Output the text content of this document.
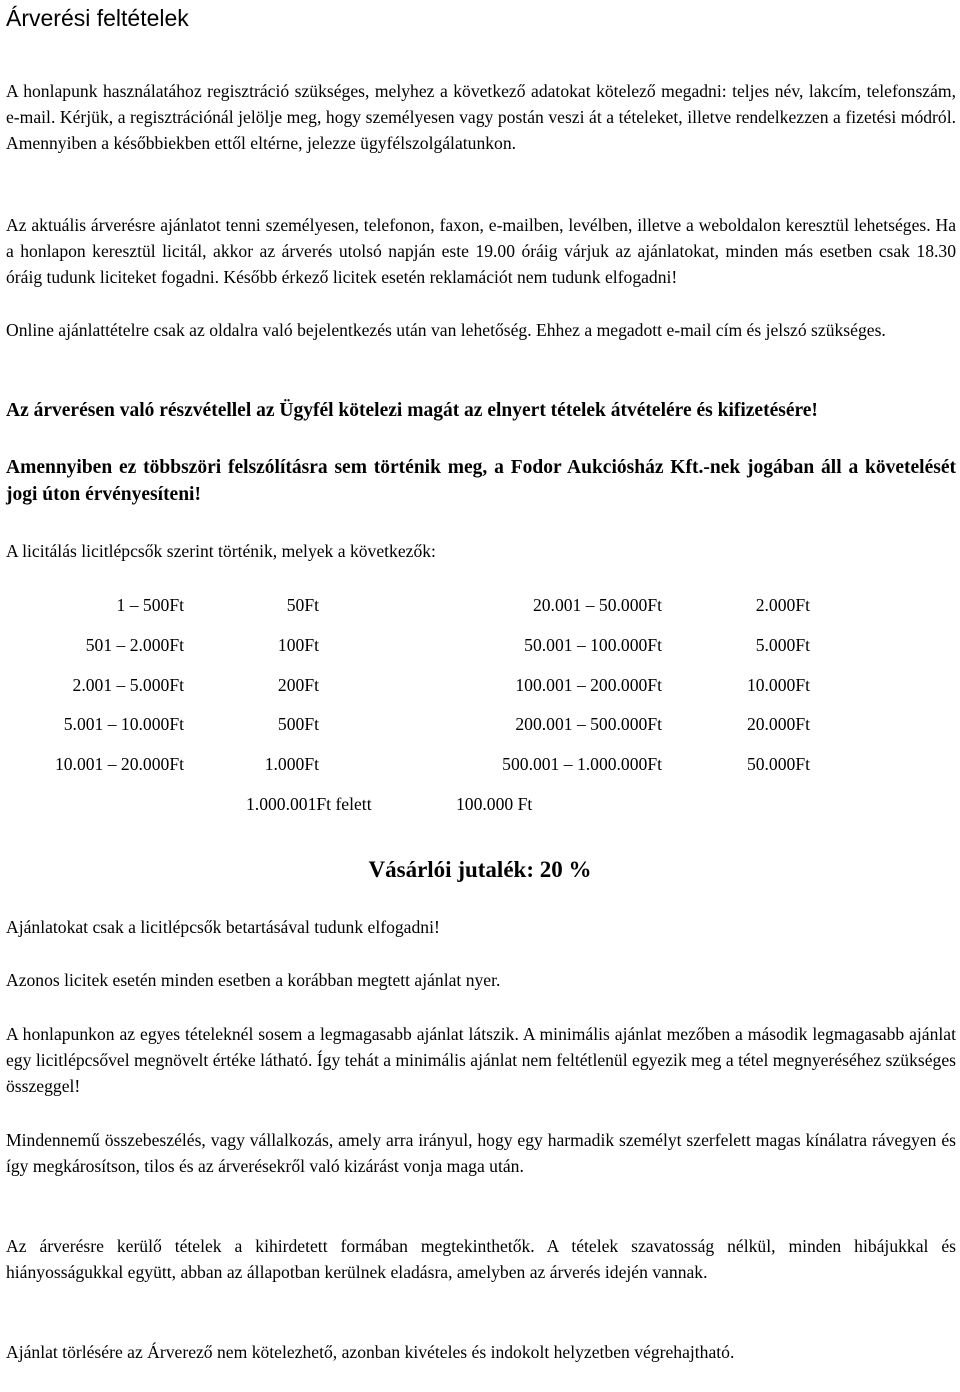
Árverési feltételek

A honlapunk használatához regisztráció szükséges, melyhez a következő adatokat kötelező megadni: teljes név, lakcím, telefonszám, e-mail. Kérjük, a regisztrációnál jelölje meg, hogy személyesen vagy postán veszi át a tételeket, illetve rendelkezzen a fizetési módról. Amennyiben a későbbiekben ettől eltérne, jelezze ügyfélszolgálatunkon.

Az aktuális árverésre ajánlatot tenni személyesen, telefonon, faxon, e-mailben, levélben, illetve a weboldalon keresztül lehetséges. Ha a honlapon keresztül licitál, akkor az árverés utolsó napján este 19.00 óráig várjuk az ajánlatokat, minden más esetben csak 18.30 óráig tudunk liciteket fogadni. Később érkező licitek esetén reklamációt nem tudunk elfogadni!

Online ajánlattételre csak az oldalra való bejelentkezés után van lehetőség. Ehhez a megadott e-mail cím és jelszó szükséges.

Az árverésen való részvétellel az Ügyfél kötelezi magát az elnyert tételek átvételére és kifizetésére!

Amennyiben ez többszöri felszólításra sem történik meg, a Fodor Aukciósház Kft.-nek jogában áll a követelését jogi úton érvényesíteni!

A licitálás licitlépcsők szerint történik, melyek a következők:

1 – 500Ft	50Ft	20.001 – 50.000Ft	2.000Ft
501 – 2.000Ft	100Ft	50.001 – 100.000Ft	5.000Ft
2.001 – 5.000Ft	200Ft	100.001 – 200.000Ft	10.000Ft
5.001 – 10.000Ft	500Ft	200.001 – 500.000Ft	20.000Ft
10.001 – 20.000Ft	1.000Ft	500.001 – 1.000.000Ft	50.000Ft
1.000.001Ft felett	100.000 Ft

Vásárlói jutalék: 20 %

Ajánlatokat csak a licitlépcsők betartásával tudunk elfogadni!

Azonos licitek esetén minden esetben a korábban megtett ajánlat nyer.

A honlapunkon az egyes tételeknél sosem a legmagasabb ajánlat látszik. A minimális ajánlat mezőben a második legmagasabb ajánlat egy licitlépcsővel megnövelt értéke látható. Így tehát a minimális ajánlat nem feltétlenül egyezik meg a tétel megnyeréséhez szükséges összeggel!

Mindennemű összebeszélés, vagy vállalkozás, amely arra irányul, hogy egy harmadik személyt szerfelett magas kínálatra rávegyen és így megkárosítson, tilos és az árverésekről való kizárást vonja maga után.

Az árverésre kerülő tételek a kihirdetett formában megtekinthetők. A tételek szavatosság nélkül, minden hibájukkal és hiányosságukkal együtt, abban az állapotban kerülnek eladásra, amelyben az árverés idején vannak.

Ajánlat törlésére az Árverező nem kötelezhető, azonban kivételes és indokolt helyzetben végrehajtható.
